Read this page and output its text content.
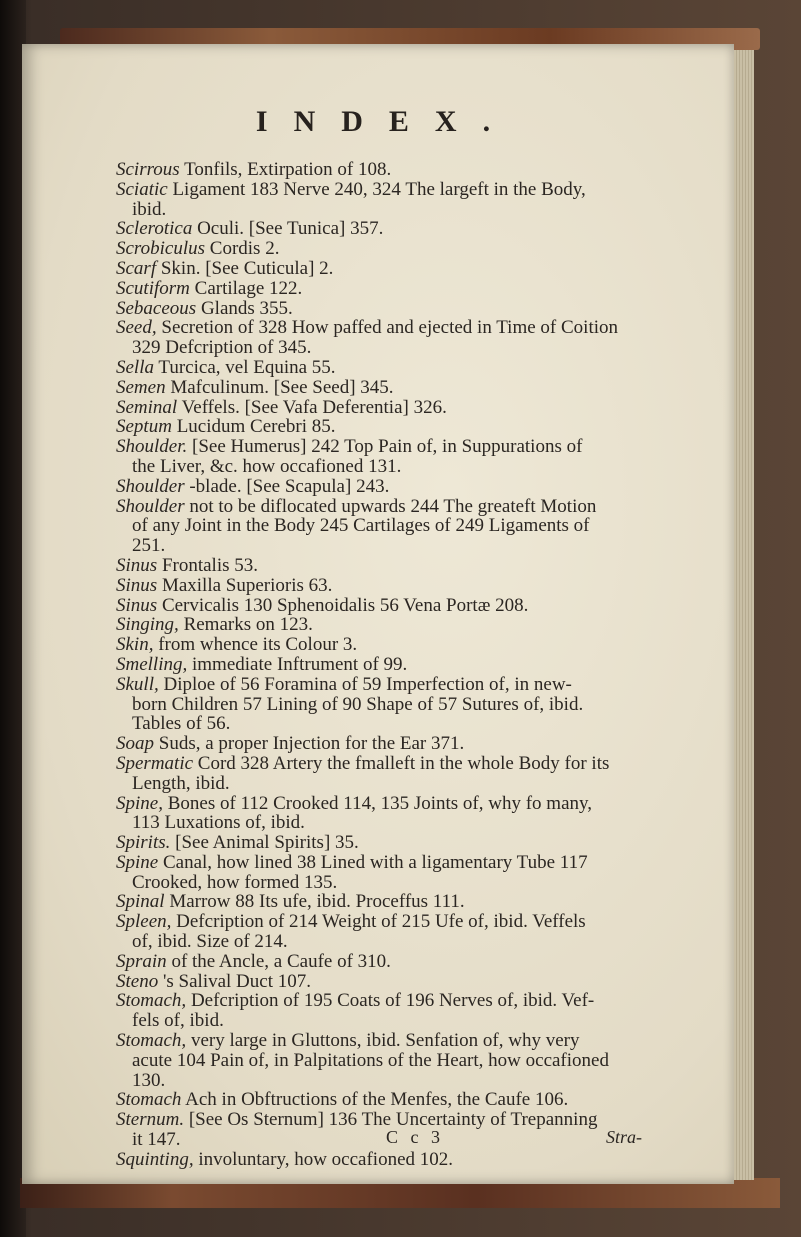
INDEX.
Scirrous Tonfils, Extirpation of 108.
Sciatic Ligament 183 Nerve 240, 324 The largeft in the Body,
ibid.
Sclerotica Oculi. [See Tunica] 357.
Scrobiculus Cordis 2.
Scarf Skin. [See Cuticula] 2.
Scutiform Cartilage 122.
Sebaceous Glands 355.
Seed, Secretion of 328 How paffed and ejected in Time of Coition
329 Defcription of 345.
Sella Turcica, vel Equina 55.
Semen Mafculinum. [See Seed] 345.
Seminal Veffels. [See Vafa Deferentia] 326.
Septum Lucidum Cerebri 85.
Shoulder. [See Humerus] 242 Top Pain of, in Suppurations of
the Liver, &c. how occafioned 131.
Shoulder -blade. [See Scapula] 243.
Shoulder not to be diflocated upwards 244 The greateft Motion
of any Joint in the Body 245 Cartilages of 249 Ligaments of
251.
Sinus Frontalis 53.
Sinus Maxilla Superioris 63.
Sinus Cervicalis 130 Sphenoidalis 56 Vena Portæ 208.
Singing, Remarks on 123.
Skin, from whence its Colour 3.
Smelling, immediate Inftrument of 99.
Skull, Diploe of 56 Foramina of 59 Imperfection of, in new-
born Children 57 Lining of 90 Shape of 57 Sutures of, ibid.
Tables of 56.
Soap Suds, a proper Injection for the Ear 371.
Spermatic Cord 328 Artery the fmalleft in the whole Body for its
Length, ibid.
Spine, Bones of 112 Crooked 114, 135 Joints of, why fo many,
113 Luxations of, ibid.
Spirits. [See Animal Spirits] 35.
Spine Canal, how lined 38 Lined with a ligamentary Tube 117
Crooked, how formed 135.
Spinal Marrow 88 Its ufe, ibid. Proceffus 111.
Spleen, Defcription of 214 Weight of 215 Ufe of, ibid. Veffels
of, ibid. Size of 214.
Sprain of the Ancle, a Caufe of 310.
Steno 's Salival Duct 107.
Stomach, Defcription of 195 Coats of 196 Nerves of, ibid. Vef-
fels of, ibid.
Stomach, very large in Gluttons, ibid. Senfation of, why very
acute 104 Pain of, in Palpitations of the Heart, how occafioned
130.
Stomach Ach in Obftructions of the Menfes, the Caufe 106.
Sternum. [See Os Sternum] 136 The Uncertainty of Trepanning
it 147.
Squinting, involuntary, how occafioned 102.
C c 3	Stra-
